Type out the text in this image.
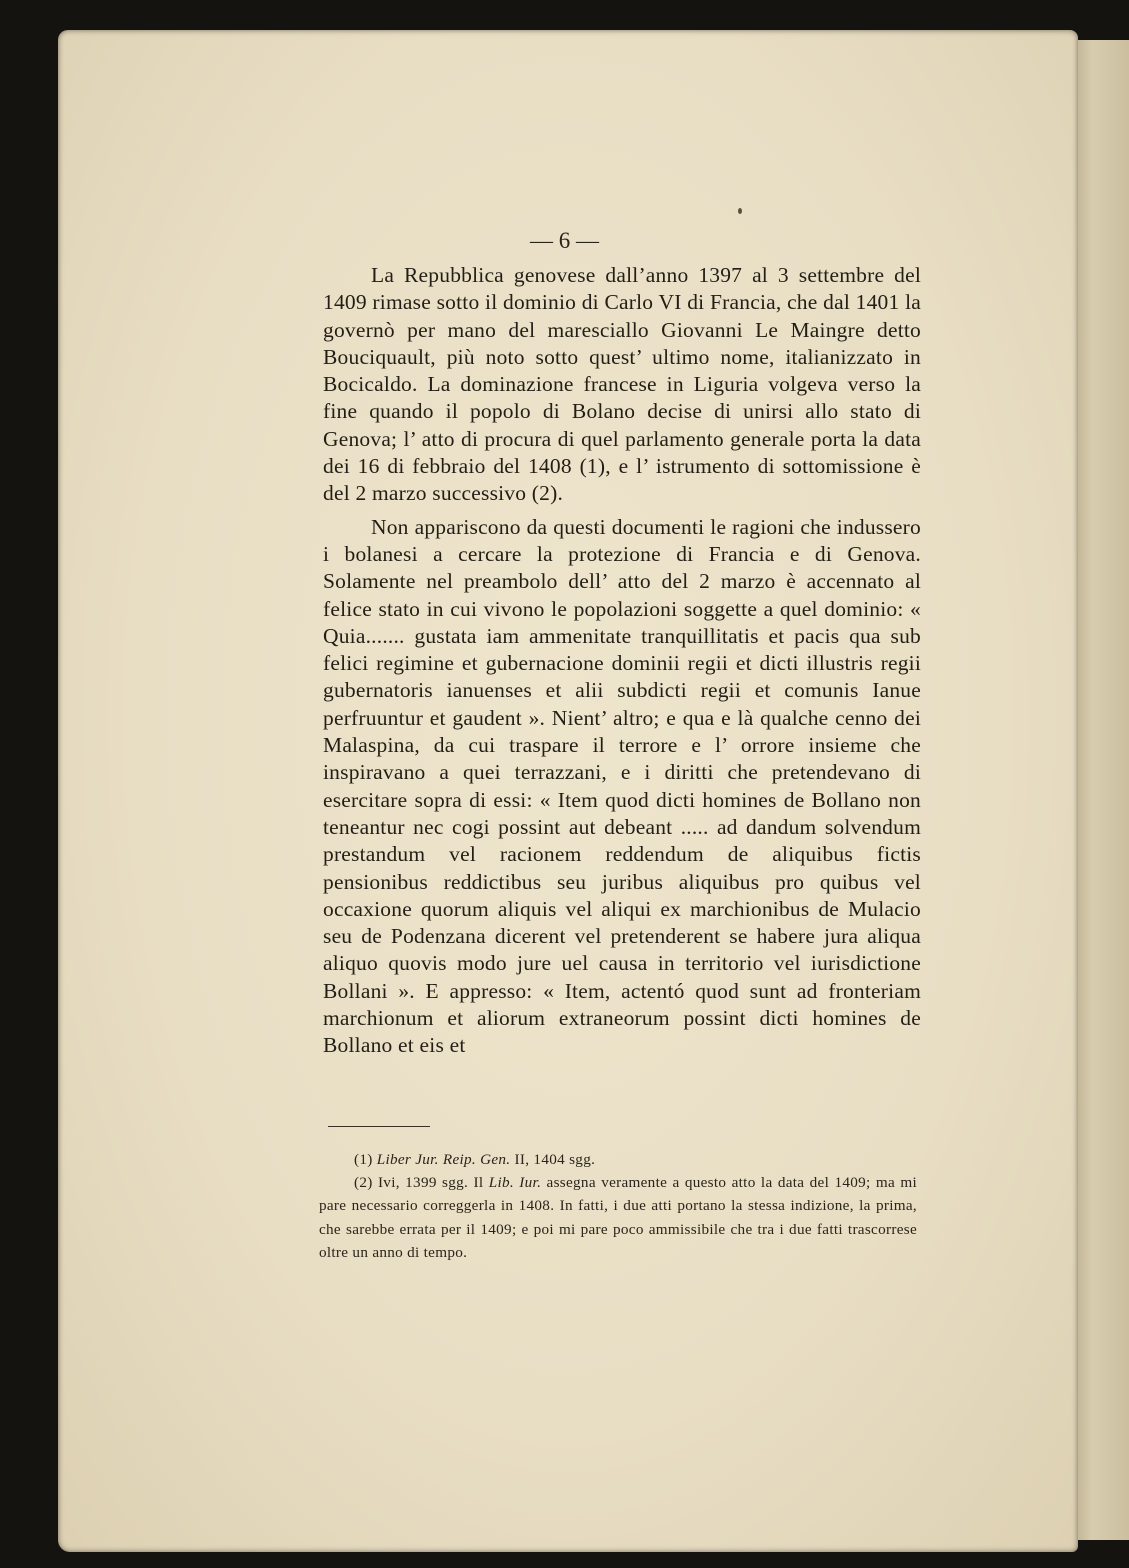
— 6 —

La Repubblica genovese dall’anno 1397 al 3 settembre del 1409 rimase sotto il dominio di Carlo VI di Francia, che dal 1401 la governò per mano del maresciallo Giovanni Le Maingre detto Bouciquault, più noto sotto quest’ ultimo nome, italianizzato in Bocicaldo. La dominazione francese in Liguria volgeva verso la fine quando il popolo di Bolano decise di unirsi allo stato di Genova; l’ atto di procura di quel parlamento generale porta la data dei 16 di febbraio del 1408 (1), e l’ istrumento di sottomissione è del 2 marzo successivo (2).

Non appariscono da questi documenti le ragioni che indussero i bolanesi a cercare la protezione di Francia e di Genova. Solamente nel preambolo dell’ atto del 2 marzo è accennato al felice stato in cui vivono le popolazioni soggette a quel dominio: « Quia....... gustata iam ammenitate tranquillitatis et pacis qua sub felici regimine et gubernacione dominii regii et dicti illustris regii gubernatoris ianuenses et alii subdicti regii et comunis Ianue perfruuntur et gaudent ». Nient’ altro; e qua e là qualche cenno dei Malaspina, da cui traspare il terrore e l’ orrore insieme che inspiravano a quei terrazzani, e i diritti che pretendevano di esercitare sopra di essi: « Item quod dicti homines de Bollano non teneantur nec cogi possint aut debeant ..... ad dandum solvendum prestandum vel racionem reddendum de aliquibus fictis pensionibus reddictibus seu juribus aliquibus pro quibus vel occaxione quorum aliquis vel aliqui ex marchionibus de Mulacio seu de Podenzana dicerent vel pretenderent se habere jura aliqua aliquo quovis modo jure uel causa in territorio vel iurisdictione Bollani ». E appresso: « Item, actentó quod sunt ad fronteriam marchionum et aliorum extraneorum possint dicti homines de Bollano et eis et

(1) Liber Jur. Reip. Gen. II, 1404 sgg.

(2) Ivi, 1399 sgg. Il Lib. Iur. assegna veramente a questo atto la data del 1409; ma mi pare necessario correggerla in 1408. In fatti, i due atti portano la stessa indizione, la prima, che sarebbe errata per il 1409; e poi mi pare poco ammissibile che tra i due fatti trascorrese oltre un anno di tempo.
